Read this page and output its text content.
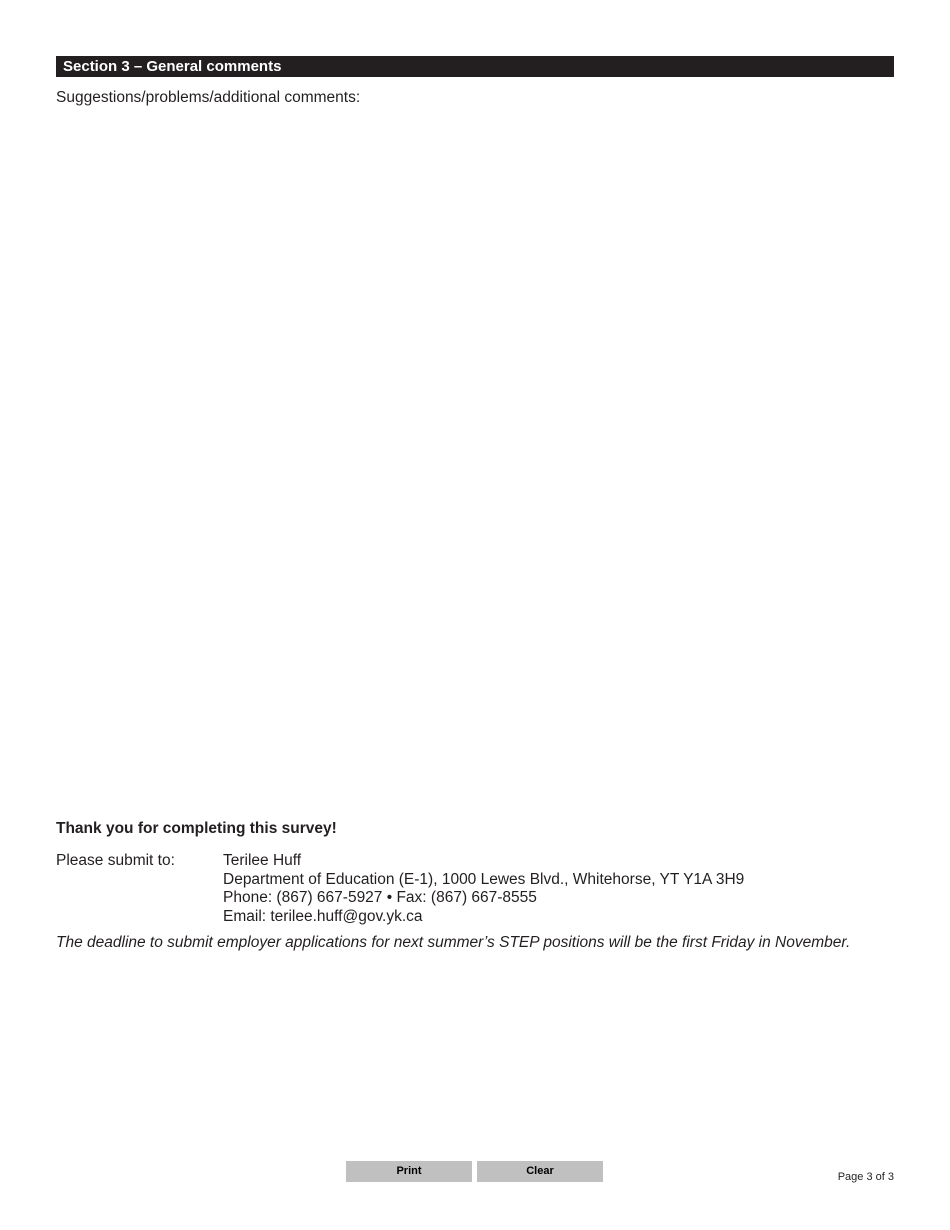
Section 3 – General comments
Suggestions/problems/additional comments:
Thank you for completing this survey!
Please submit to:	Terilee Huff
Department of Education (E-1), 1000 Lewes Blvd., Whitehorse, YT Y1A 3H9
Phone: (867) 667-5927 • Fax: (867) 667-8555
Email: terilee.huff@gov.yk.ca
The deadline to submit employer applications for next summer’s STEP positions will be the first Friday in November.
Print	Clear	Page 3 of 3
